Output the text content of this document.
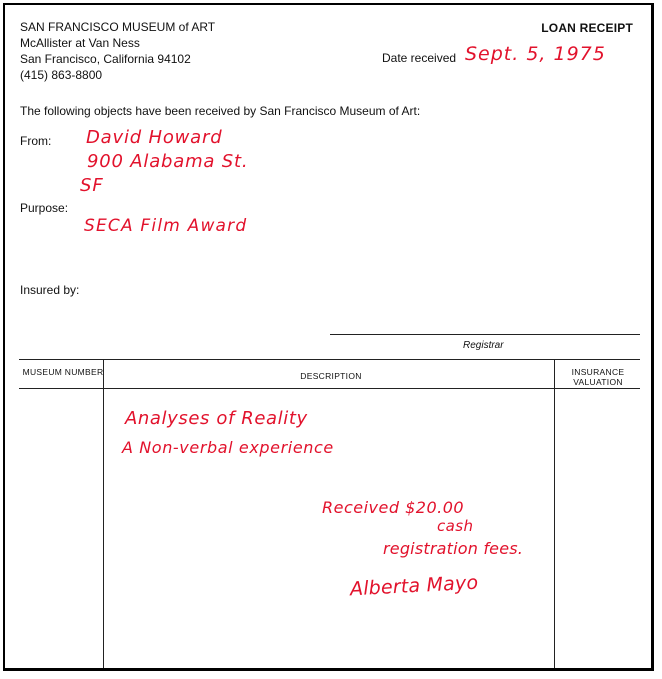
SAN FRANCISCO MUSEUM of ART
McAllister at Van Ness
San Francisco, California 94102
(415) 863-8800
LOAN RECEIPT
Date received Sept. 5, 1975
The following objects have been received by San Francisco Museum of Art:
From: David Howard
900 Alabama St.
SF
Purpose:
SECA Film Award
Insured by:
Registrar
MUSEUM NUMBER	DESCRIPTION	INSURANCE VALUATION
Analyses of Reality
A Non-verbal experience
Received $20.00
cash
registration fees.
Alberta Mayo
